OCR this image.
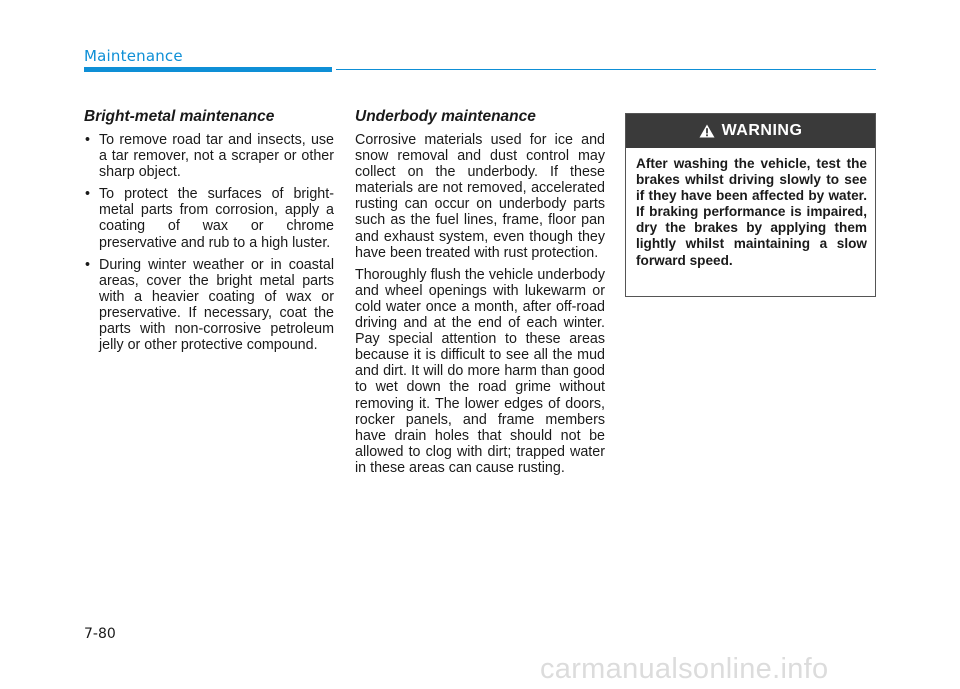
Maintenance
Bright-metal maintenance
• To remove road tar and insects, use a tar remover, not a scraper or other sharp object.
• To protect the surfaces of bright-metal parts from corrosion, apply a coating of wax or chrome preservative and rub to a high luster.
• During winter weather or in coastal areas, cover the bright metal parts with a heavier coating of wax or preservative. If necessary, coat the parts with non-corrosive petroleum jelly or other protective compound.
Underbody maintenance

Corrosive materials used for ice and snow removal and dust control may collect on the underbody. If these materials are not removed, accelerated rusting can occur on underbody parts such as the fuel lines, frame, floor pan and exhaust system, even though they have been treated with rust protection.

Thoroughly flush the vehicle underbody and wheel openings with lukewarm or cold water once a month, after off-road driving and at the end of each winter. Pay special attention to these areas because it is difficult to see all the mud and dirt. It will do more harm than good to wet down the road grime without removing it. The lower edges of doors, rocker panels, and frame members have drain holes that should not be allowed to clog with dirt; trapped water in these areas can cause rusting.

WARNING
After washing the vehicle, test the brakes whilst driving slowly to see if they have been affected by water. If braking performance is impaired, dry the brakes by applying them lightly whilst maintaining a slow forward speed.
7-80
carmanualsonline.info
